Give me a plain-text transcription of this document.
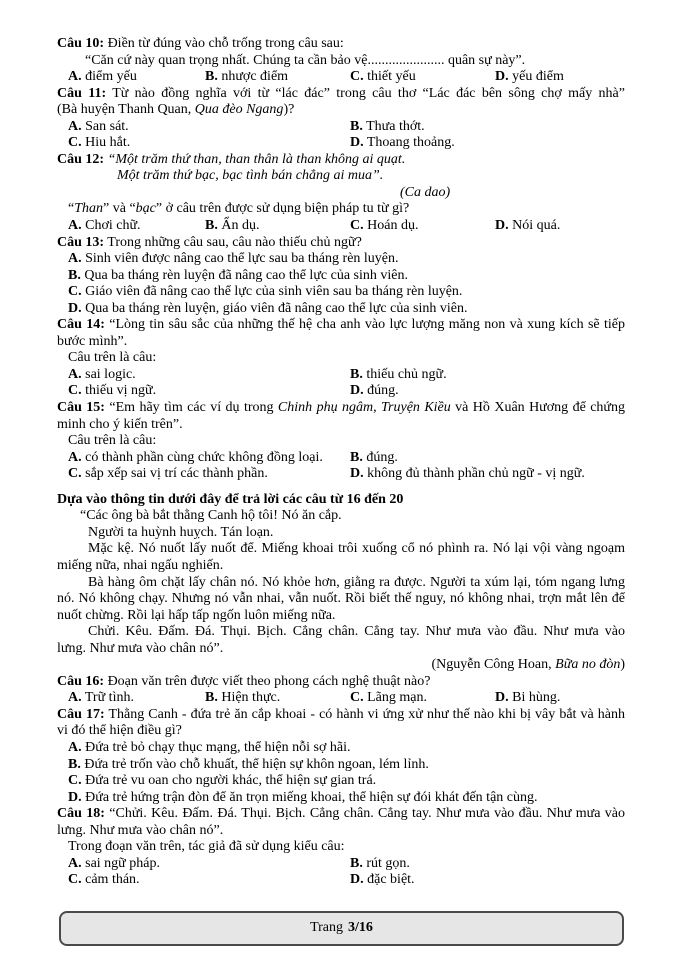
Câu 10: Điền từ đúng vào chỗ trống trong câu sau:
“Căn cứ này quan trọng nhất. Chúng ta cần bảo vệ...................... quân sự này”.
A. điểm yếu	B. nhược điểm	C. thiết yếu	D. yếu điểm
Câu 11: Từ nào đồng nghĩa với từ “lác đác” trong câu thơ “Lác đác bên sông chợ mấy nhà”
(Bà huyện Thanh Quan, Qua đèo Ngang)?
A. San sát.	B. Thưa thớt.
C. Hiu hắt.	D. Thoang thoảng.
Câu 12: “Một trăm thứ than, than thân là than không ai quạt.
Một trăm thứ bạc, bạc tình bán chẳng ai mua”.
(Ca dao)
“Than” và “bạc” ở câu trên được sử dụng biện pháp tu từ gì?
A. Chơi chữ.	B. Ẩn dụ.	C. Hoán dụ.	D. Nói quá.
Câu 13: Trong những câu sau, câu nào thiếu chủ ngữ?
A. Sinh viên được nâng cao thể lực sau ba tháng rèn luyện.
B. Qua ba tháng rèn luyện đã nâng cao thể lực của sinh viên.
C. Giáo viên đã nâng cao thể lực của sinh viên sau ba tháng rèn luyện.
D. Qua ba tháng rèn luyện, giáo viên đã nâng cao thể lực của sinh viên.
Câu 14: “Lòng tin sâu sắc của những thế hệ cha anh vào lực lượng măng non và xung kích sẽ tiếp
bước mình”.
Câu trên là câu:
A. sai logic.	B. thiếu chủ ngữ.
C. thiếu vị ngữ.	D. đúng.
Câu 15: “Em hãy tìm các ví dụ trong Chinh phụ ngâm, Truyện Kiều và Hồ Xuân Hương để chứng
minh cho ý kiến trên”.
Câu trên là câu:
A. có thành phần cùng chức không đồng loại.	B. đúng.
C. sắp xếp sai vị trí các thành phần.	D. không đủ thành phần chủ ngữ - vị ngữ.
Dựa vào thông tin dưới đây để trả lời các câu từ 16 đến 20
“Các ông bà bắt thằng Canh hộ tôi! Nó ăn cắp.
Người ta huỳnh huỵch. Tán loạn.
Mặc kệ. Nó nuốt lấy nuốt để. Miếng khoai trôi xuống cổ nó phình ra. Nó lại vội vàng ngoạm
miếng nữa, nhai ngấu nghiến.
Bà hàng ôm chặt lấy chân nó. Nó khỏe hơn, giằng ra được. Người ta xúm lại, tóm ngang lưng
nó. Nó không chạy. Nhưng nó vẫn nhai, vẫn nuốt. Rồi biết thế nguy, nó không nhai, trợn mắt lên để
nuốt chừng. Rồi lại hấp tấp ngốn luôn miếng nữa.
Chửi. Kêu. Đấm. Đá. Thụi. Bịch. Cẳng chân. Cẳng tay. Như mưa vào đầu. Như mưa vào
lưng. Như mưa vào chân nó”.
(Nguyễn Công Hoan, Bữa no đòn)
Câu 16: Đoạn văn trên được viết theo phong cách nghệ thuật nào?
A. Trữ tình.	B. Hiện thực.	C. Lãng mạn.	D. Bi hùng.
Câu 17: Thằng Canh - đứa trẻ ăn cắp khoai - có hành vi ứng xử như thế nào khi bị vây bắt và hành
vi đó thể hiện điều gì?
A. Đứa trẻ bỏ chạy thục mạng, thể hiện nỗi sợ hãi.
B. Đứa trẻ trốn vào chỗ khuất, thể hiện sự khôn ngoan, lém lỉnh.
C. Đứa trẻ vu oan cho người khác, thể hiện sự gian trá.
D. Đứa trẻ hứng trận đòn để ăn trọn miếng khoai, thể hiện sự đói khát đến tận cùng.
Câu 18: “Chửi. Kêu. Đấm. Đá. Thụi. Bịch. Cẳng chân. Cẳng tay. Như mưa vào đầu. Như mưa vào
lưng. Như mưa vào chân nó”.
Trong đoạn văn trên, tác giả đã sử dụng kiểu câu:
A. sai ngữ pháp.	B. rút gọn.
C. cảm thán.	D. đặc biệt.
Trang 3/16
